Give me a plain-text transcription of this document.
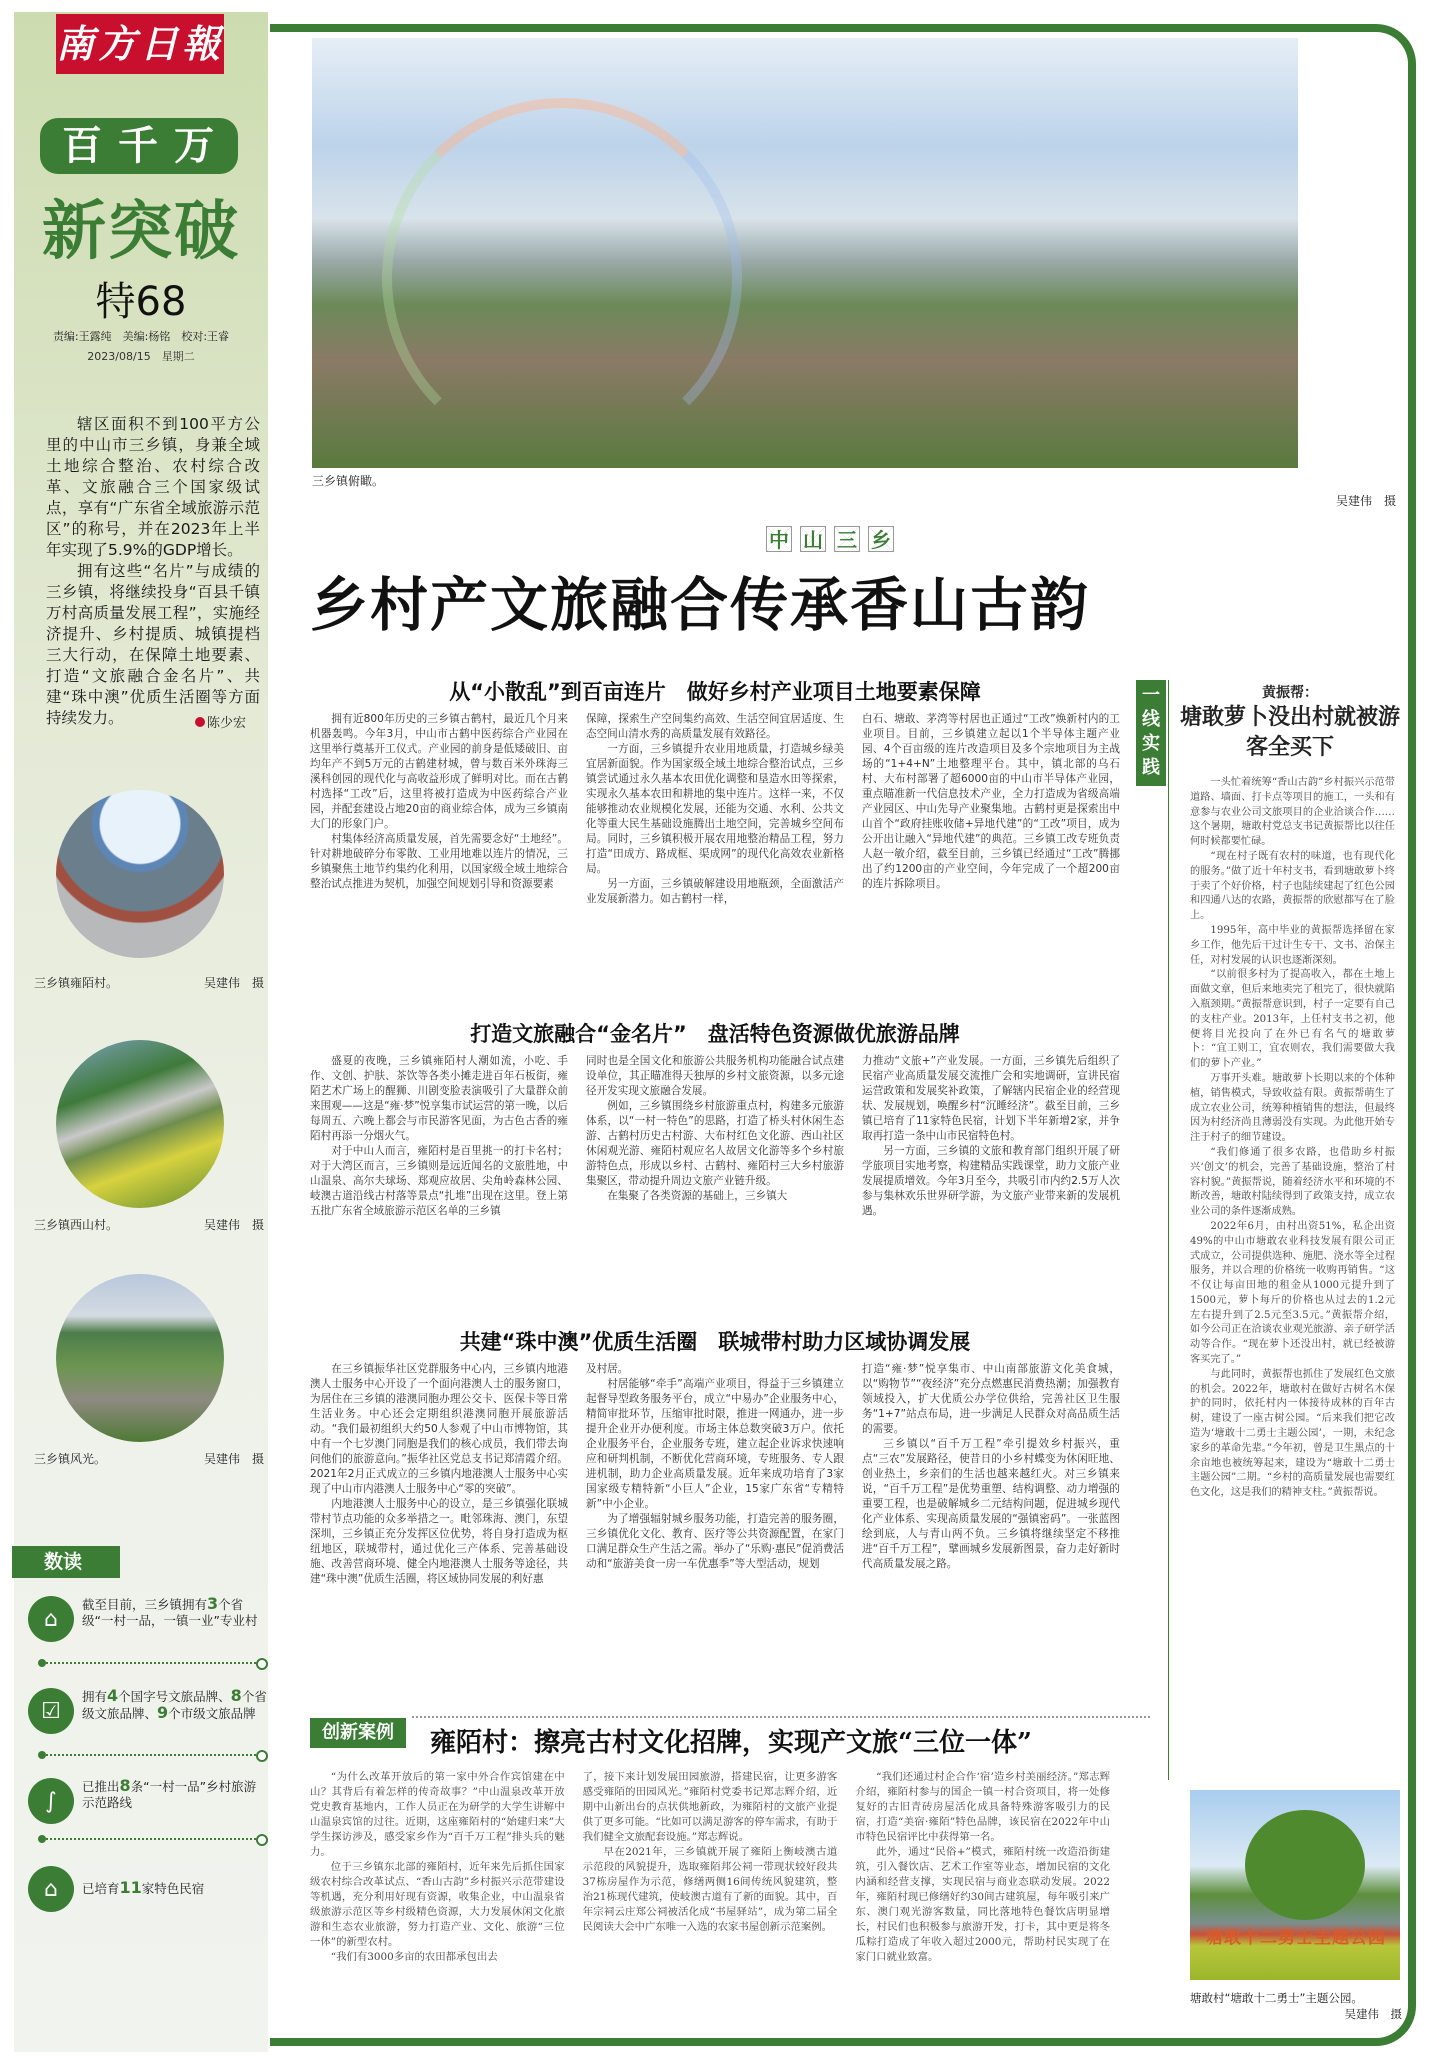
南方日報
百千万
新突破
特68
责编:王露纯　美编:杨铭　校对:王睿
2023/08/15　星期二

辖区面积不到100平方公里的中山市三乡镇，身兼全域土地综合整治、农村综合改革、文旅融合三个国家级试点，享有“广东省全域旅游示范区”的称号，并在2023年上半年实现了5.9%的GDP增长。

拥有这些“名片”与成绩的三乡镇，将继续投身“百县千镇万村高质量发展工程”，实施经济提升、乡村提质、城镇提档三大行动，在保障土地要素、打造“文旅融合金名片”、共建“珠中澳”优质生活圈等方面持续发力。	陈少宏
三乡镇雍陌村。	吴建伟　摄
三乡镇西山村。	吴建伟　摄
三乡镇风光。	吴建伟　摄
数读
⌂
截至目前，三乡镇拥有3个省级“一村一品，一镇一业”专业村
☑
拥有4个国字号文旅品牌、8个省级文旅品牌、9个市级文旅品牌
∫
已推出8条“一村一品”乡村旅游示范路线
⌂	已培育11家特色民宿
三乡镇俯瞰。
吴建伟　摄
中 山 三 乡
乡村产文旅融合传承香山古韵
从“小散乱”到百亩连片　做好乡村产业项目土地要素保障

拥有近800年历史的三乡镇古鹤村，最近几个月来机器轰鸣。今年3月，中山市古鹤中医药综合产业园在这里举行奠基开工仪式。产业园的前身是低矮破旧、亩均年产不到5万元的古鹤建材城，曾与数百米外珠海三溪科创园的现代化与高收益形成了鲜明对比。而在古鹤村选择“工改”后，这里将被打造成为中医药综合产业园，并配套建设占地20亩的商业综合体，成为三乡镇南大门的形象门户。

村集体经济高质量发展，首先需要念好“土地经”。针对耕地破碎分布零散、工业用地难以连片的情况，三乡镇聚焦土地节约集约化利用，以国家级全域土地综合整治试点推进为契机，加强空间规划引导和资源要素

保障，探索生产空间集约高效、生活空间宜居适度、生态空间山清水秀的高质量发展有效路径。

一方面，三乡镇提升农业用地质量，打造城乡绿美宜居新面貌。作为国家级全域土地综合整治试点，三乡镇尝试通过永久基本农田优化调整和垦造水田等探索，实现永久基本农田和耕地的集中连片。这样一来，不仅能够推动农业规模化发展，还能为交通、水利、公共文化等重大民生基础设施腾出土地空间，完善城乡空间布局。同时，三乡镇积极开展农用地整治精品工程，努力打造“田成方、路成框、渠成网”的现代化高效农业新格局。

另一方面，三乡镇破解建设用地瓶颈，全面激活产业发展新潜力。如古鹤村一样，

白石、塘敢、茅湾等村居也正通过“工改”焕新村内的工业项目。目前，三乡镇建立起以1个半导体主题产业园、4个百亩级的连片改造项目及多个宗地项目为主战场的“1+4+N”土地整理平台。其中，镇北部的乌石村、大布村部署了超6000亩的中山市半导体产业园，重点瞄准新一代信息技术产业，全力打造成为省级高端产业园区、中山先导产业聚集地。古鹤村更是探索出中山首个“政府挂账收储+异地代建”的“工改”项目，成为公开出让融入“异地代建”的典范。三乡镇工改专班负责人赵一敏介绍，截至目前，三乡镇已经通过“工改”腾挪出了约1200亩的产业空间，今年完成了一个超200亩的连片拆除项目。

打造文旅融合“金名片”　盘活特色资源做优旅游品牌

盛夏的夜晚，三乡镇雍陌村人潮如流，小吃、手作、文创、护肤、茶饮等各类小摊走进百年石板街，雍陌艺术广场上的醒狮、川剧变脸表演吸引了大量群众前来围观——这是“雍·梦”悦享集市试运营的第一晚，以后每周五、六晚上都会与市民游客见面，为古色古香的雍陌村再添一分烟火气。

对于中山人而言，雍陌村是百里挑一的打卡名村；对于大湾区而言，三乡镇则是远近闻名的文旅胜地，中山温泉、高尔夫球场、郑观应故居、尖角岭森林公园、岐澳古道沿线古村落等景点“扎堆”出现在这里。登上第五批广东省全域旅游示范区名单的三乡镇

同时也是全国文化和旅游公共服务机构功能融合试点建设单位，其正瞄准得天独厚的乡村文旅资源，以多元途径开发实现文旅融合发展。

例如，三乡镇围绕乡村旅游重点村，构建多元旅游体系，以“一村一特色”的思路，打造了桥头村休闲生态游、古鹤村历史古村游、大布村红色文化游、西山社区休闲观光游、雍陌村观应名人故居文化游等多个乡村旅游特色点，形成以乡村、古鹤村、雍陌村三大乡村旅游集聚区，带动提升周边文旅产业链升级。

在集聚了各类资源的基础上，三乡镇大

力推动“文旅+”产业发展。一方面，三乡镇先后组织了民宿产业高质量发展交流推广会和实地调研，宣讲民宿运营政策和发展奖补政策，了解辖内民宿企业的经营现状、发展规划，唤醒乡村“沉睡经济”。截至目前，三乡镇已培育了11家特色民宿，计划下半年新增2家，并争取再打造一条中山市民宿特色村。

另一方面，三乡镇的文旅和教育部门组织开展了研学旅项目实地考察，构建精品实践课堂，助力文旅产业发展提质增效。今年3月至今，共吸引市内约2.5万人次参与集林欢乐世界研学游，为文旅产业带来新的发展机遇。

共建“珠中澳”优质生活圈　联城带村助力区域协调发展

在三乡镇振华社区党群服务中心内，三乡镇内地港澳人士服务中心开设了一个面向港澳人士的服务窗口，为居住在三乡镇的港澳同胞办理公交卡、医保卡等日常生活业务。中心还会定期组织港澳同胞开展旅游活动。“我们最初组织大约50人参观了中山市博物馆，其中有一个七岁澳门同胞是我们的核心成员，我们带去询问他们的旅游意向。”振华社区党总支书记郑清霞介绍。2021年2月正式成立的三乡镇内地港澳人士服务中心实现了中山市内港澳人士服务中心“零的突破”。

内地港澳人士服务中心的设立，是三乡镇强化联城带村节点功能的众多举措之一。毗邻珠海、澳门，东望深圳，三乡镇正充分发挥区位优势，将自身打造成为枢纽地区，联城带村，通过优化三产体系、完善基础设施、改善营商环境、健全内地港澳人士服务等途径，共建“珠中澳”优质生活圈，将区域协同发展的利好惠

及村居。

村居能够“牵手”高端产业项目，得益于三乡镇建立起督导型政务服务平台，成立“中易办”企业服务中心，精简审批环节，压缩审批时限，推进一网通办，进一步提升企业开办便利度。市场主体总数突破3万户。依托企业服务平台，企业服务专班，建立起企业诉求快速响应和研判机制，不断优化营商环境，专班服务、专人跟进机制，助力企业高质量发展。近年来成功培育了3家国家级专精特新“小巨人”企业，15家广东省“专精特新”中小企业。

为了增强辐射城乡服务功能，打造完善的服务圈，三乡镇优化文化、教育、医疗等公共资源配置，在家门口满足群众生产生活之需。举办了“乐购·惠民”促消费活动和“旅游美食一房一车优惠季”等大型活动，规划

打造“雍·梦”悦享集市、中山南部旅游文化美食城，以“购物节”“夜经济”充分点燃惠民消费热潮；加强教育领域投入，扩大优质公办学位供给，完善社区卫生服务“1+7”站点布局，进一步满足人民群众对高品质生活的需要。

三乡镇以“百千万工程”牵引提效乡村振兴，重点“三农”发展路径，使昔日的小乡村蝶变为休闲旺地、创业热土，乡亲们的生活也越来越红火。对三乡镇来说，“百千万工程”是优势重塑、结构调整、动力增强的重要工程，也是破解城乡二元结构问题，促进城乡现代化产业体系、实现高质量发展的“强镇密码”。一张蓝图绘到底，人与青山两不负。三乡镇将继续坚定不移推进“百千万工程”，擘画城乡发展新图景，奋力走好新时代高质量发展之路。

一线实践
黄振帮：
塘敢萝卜没出村就被游客全买下

一头忙着统筹“香山古韵”乡村振兴示范带道路、墙面、打卡点等项目的施工，一头和有意参与农业公司文旅项目的企业洽谈合作……这个暑期，塘敢村党总支书记黄振帮比以往任何时候都要忙碌。

“现在村子既有农村的味道，也有现代化的服务。”做了近十年村支书，看到塘敢萝卜终于卖了个好价格，村子也陆续建起了红色公园和四通八达的农路，黄振帮的欣慰都写在了脸上。

1995年，高中毕业的黄振帮选择留在家乡工作，他先后干过计生专干、文书、治保主任，对村发展的认识也逐渐深刻。

“以前很多村为了提高收入，都在土地上面做文章，但后来地卖完了租完了，很快就陷入瓶颈期。”黄振帮意识到，村子一定要有自己的支柱产业。2013年，上任村支书之初，他便将目光投向了在外已有名气的塘敢萝卜：“宜工则工，宜农则农，我们需要做大我们的萝卜产业。”

万事开头难。塘敢萝卜长期以来的个体种植，销售模式，导致收益有限。黄振帮萌生了成立农业公司，统筹种植销售的想法，但最终因为村经济尚且薄弱没有实现。为此他开始专注于村子的细节建设。

“我们修通了很多农路，也借助乡村振兴‘创文’的机会，完善了基础设施，整治了村容村貌。”黄振帮说，随着经济水平和环境的不断改善，塘敢村陆续得到了政策支持，成立农业公司的条件逐渐成熟。

2022年6月，由村出资51%，私企出资49%的中山市塘敢农业科技发展有限公司正式成立，公司提供选种、施肥、浇水等全过程服务，并以合理的价格统一收购再销售。“这不仅让每亩田地的租金从1000元提升到了1500元，萝卜每斤的价格也从过去的1.2元左右提升到了2.5元至3.5元。”黄振帮介绍，如今公司正在洽谈农业观光旅游、亲子研学活动等合作。“现在萝卜还没出村，就已经被游客买完了。”

与此同时，黄振帮也抓住了发展红色文旅的机会。2022年，塘敢村在做好古树名木保护的同时，依托村内一体接待成林的百年古树，建设了一座古树公园。“后来我们把它改造为‘塘敢十二勇士主题公园’，一期，未纪念家乡的革命先辈。”今年初，曾是卫生黑点的十余亩地也被统筹起来，建设为“塘敢十二勇士主题公园”二期。“乡村的高质量发展也需要红色文化，这是我们的精神支柱。”黄振帮说。

塘敢十二勇士主题公园
塘敢村“塘敢十二勇士”主题公园。
吴建伟　摄
创新案例	雍陌村：擦亮古村文化招牌，实现产文旅“三位一体”

“为什么改革开放后的第一家中外合作宾馆建在中山？其背后有着怎样的传奇故事？”中山温泉改革开放党史教育基地内，工作人员正在为研学的大学生讲解中山温泉宾馆的过往。近期，这座雍陌村的“始建归来”大学生探访涉及，感受家乡作为“百千万工程”排头兵的魅力。

位于三乡镇东北部的雍陌村，近年来先后抓住国家级农村综合改革试点、“香山古韵”乡村振兴示范带建设等机遇，充分利用好现有资源，收集企业，中山温泉省级旅游示范区等乡村级精色资源，大力发展休闲文化旅游和生态农业旅游，努力打造产业、文化、旅游“三位一体”的新型农村。

“我们有3000多亩的农田都承包出去

了，接下来计划发展田园旅游，搭建民宿，让更多游客感受雍陌的田园风光。”雍陌村党委书记郑志辉介绍，近期中山新出台的点状供地新政，为雍陌村的文旅产业提供了更多可能。“比如可以满足游客的停车需求，有助于我们健全文旅配套设施。”郑志辉说。

早在2021年，三乡镇就开展了雍陌上衡岐澳古道示范段的风貌提升，选取雍陌邦公祠一带现状较好段共37栋房屋作为示范，修缮两侧16间传统风貌建筑，整治21栋现代建筑，使岐澳古道有了新的面貌。其中，百年宗祠云庄郑公祠被活化成“书屋驿站”，成为第二届全民阅读大会中广东唯一入选的农家书屋创新示范案例。

“我们还通过村企合作‘宿’造乡村美丽经济。”郑志辉介绍，雍陌村参与的国企一镇一村合资项目，将一处修复好的古旧青砖房屋活化成具备特殊游客吸引力的民宿，打造“美宿·雍陌”特色品牌，该民宿在2022年中山市特色民宿评比中获得第一名。

此外，通过“民俗+”模式，雍陌村统一改造沿街建筑，引入餐饮店、艺术工作室等业态，增加民宿的文化内涵和经营支撑，实现民宿与商业态联动发展。2022年，雍陌村现已修缮好约30间古建筑屋，每年吸引来广东、澳门观光游客数量，同比落地特色餐饮店明显增长，村民们也积极参与旅游开发，打卡，其中更是将冬瓜粽打造成了年收入超过2000元，帮助村民实现了在家门口就业致富。
